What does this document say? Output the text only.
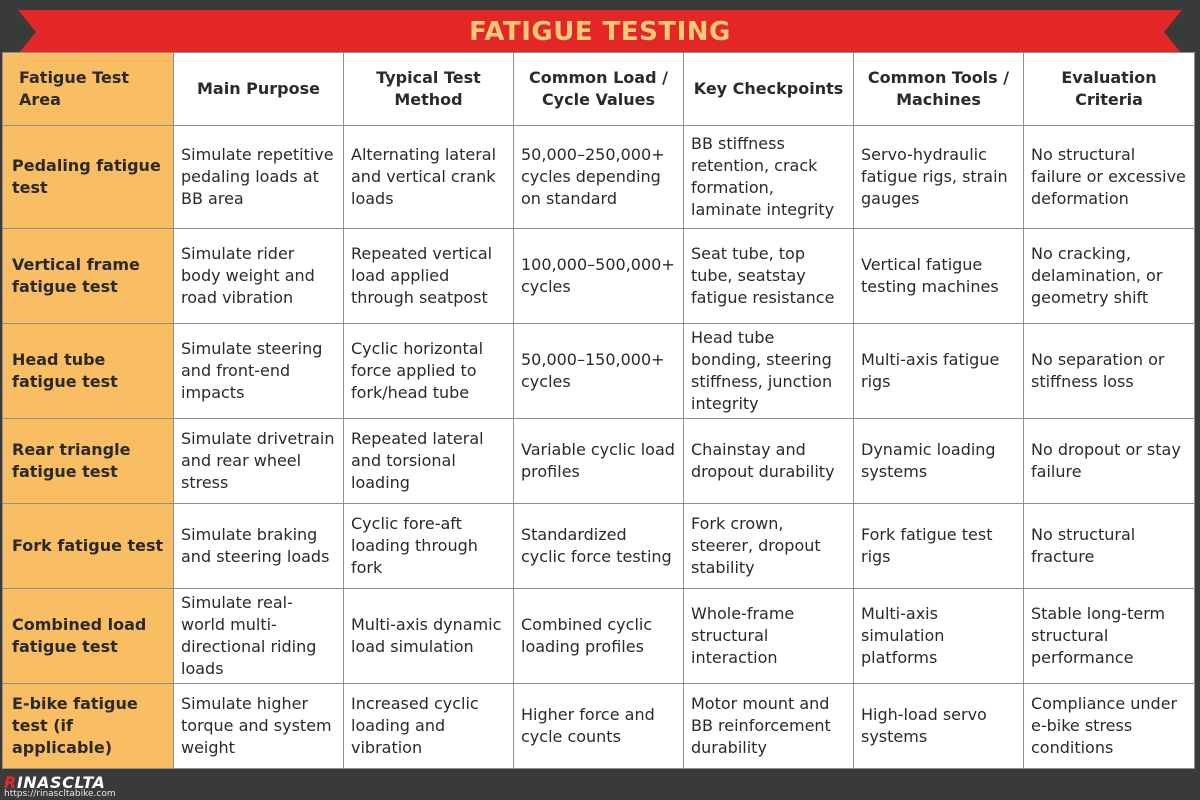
FATIGUE TESTING
Fatigue Test Area	Main Purpose	Typical Test Method	Common Load / Cycle Values	Key Checkpoints	Common Tools / Machines	Evaluation Criteria
Pedaling fatigue test	Simulate repetitive pedaling loads at BB area	Alternating lateral and vertical crank loads	50,000–250,000+ cycles depending on standard	BB stiffness retention, crack formation, laminate integrity	Servo-hydraulic fatigue rigs, strain gauges	No structural failure or excessive deformation
Vertical frame fatigue test	Simulate rider body weight and road vibration	Repeated vertical load applied through seatpost	100,000–500,000+ cycles	Seat tube, top tube, seatstay fatigue resistance	Vertical fatigue testing machines	No cracking, delamination, or geometry shift
Head tube fatigue test	Simulate steering and front-end impacts	Cyclic horizontal force applied to fork/head tube	50,000–150,000+ cycles	Head tube bonding, steering stiffness, junction integrity	Multi-axis fatigue rigs	No separation or stiffness loss
Rear triangle fatigue test	Simulate drivetrain and rear wheel stress	Repeated lateral and torsional loading	Variable cyclic load profiles	Chainstay and dropout durability	Dynamic loading systems	No dropout or stay failure
Fork fatigue test	Simulate braking and steering loads	Cyclic fore-aft loading through fork	Standardized cyclic force testing	Fork crown, steerer, dropout stability	Fork fatigue test rigs	No structural fracture
Combined load fatigue test	Simulate real-world multi-directional riding loads	Multi-axis dynamic load simulation	Combined cyclic loading profiles	Whole-frame structural interaction	Multi-axis simulation platforms	Stable long-term structural performance
E-bike fatigue test (if applicable)	Simulate higher torque and system weight	Increased cyclic loading and vibration	Higher force and cycle counts	Motor mount and BB reinforcement durability	High-load servo systems	Compliance under e-bike stress conditions
RINASCLTA
https://rinascltabike.com
